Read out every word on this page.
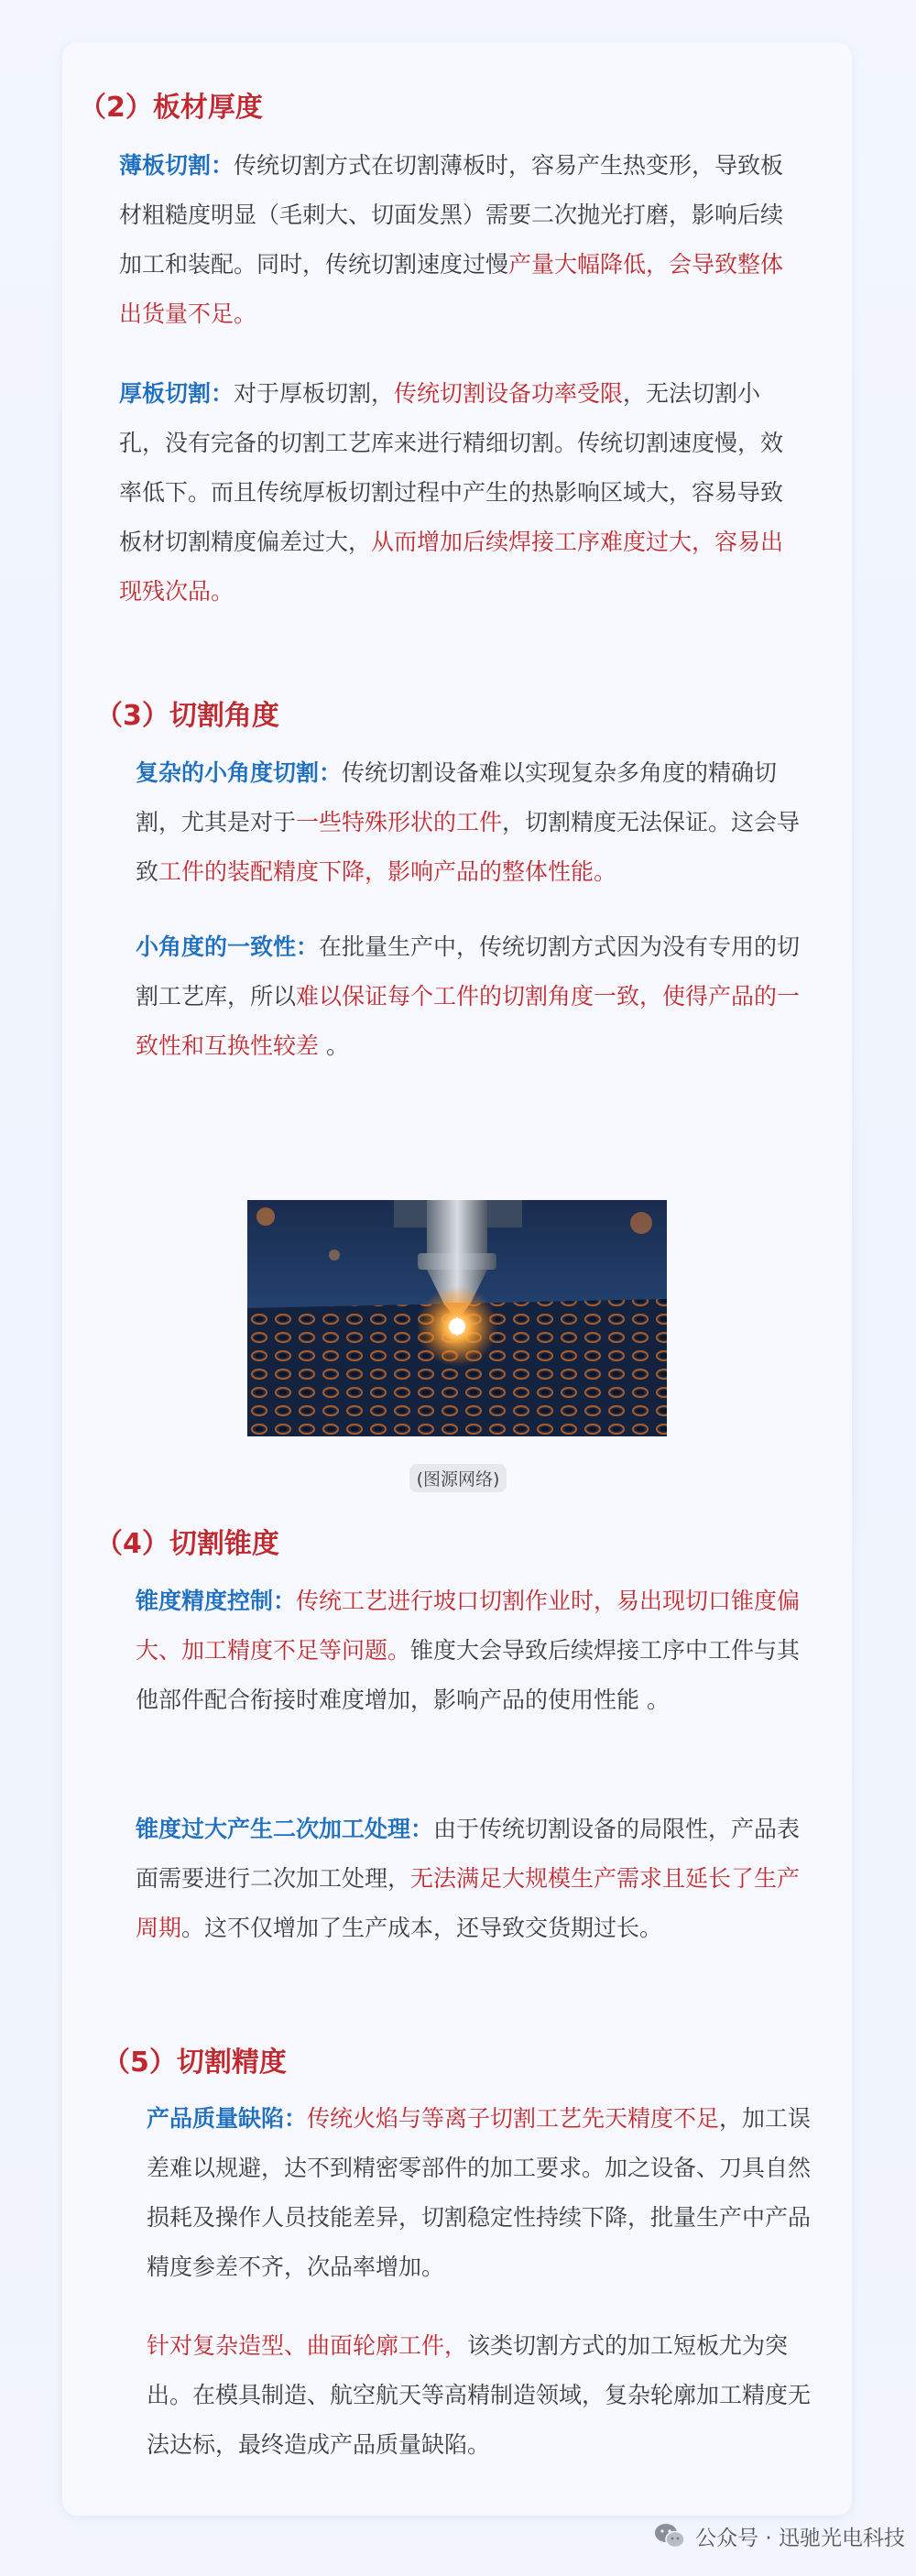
（2）板材厚度

薄板切割：传统切割方式在切割薄板时，容易产生热变形，导致板材粗糙度明显（毛刺大、切面发黑）需要二次抛光打磨，影响后续加工和装配。同时，传统切割速度过慢产量大幅降低，会导致整体出货量不足。

厚板切割：对于厚板切割，传统切割设备功率受限，无法切割小孔，没有完备的切割工艺库来进行精细切割。传统切割速度慢，效率低下。而且传统厚板切割过程中产生的热影响区域大，容易导致板材切割精度偏差过大，从而增加后续焊接工序难度过大，容易出现残次品。

（3）切割角度

复杂的小角度切割：传统切割设备难以实现复杂多角度的精确切割，尤其是对于一些特殊形状的工件，切割精度无法保证。这会导致工件的装配精度下降，影响产品的整体性能。

小角度的一致性：在批量生产中，传统切割方式因为没有专用的切割工艺库，所以难以保证每个工件的切割角度一致，使得产品的一致性和互换性较差 。

(图源网络)
（4）切割锥度

锥度精度控制：传统工艺进行坡口切割作业时，易出现切口锥度偏大、加工精度不足等问题。锥度大会导致后续焊接工序中工件与其他部件配合衔接时难度增加，影响产品的使用性能 。

锥度过大产生二次加工处理：由于传统切割设备的局限性，产品表面需要进行二次加工处理，无法满足大规模生产需求且延长了生产周期。这不仅增加了生产成本，还导致交货期过长。

（5）切割精度

产品质量缺陷：传统火焰与等离子切割工艺先天精度不足，加工误差难以规避，达不到精密零部件的加工要求。加之设备、刀具自然损耗及操作人员技能差异，切割稳定性持续下降，批量生产中产品精度参差不齐，次品率增加。

针对复杂造型、曲面轮廓工件，该类切割方式的加工短板尤为突出。在模具制造、航空航天等高精制造领域，复杂轮廓加工精度无法达标，最终造成产品质量缺陷。

公众号 · 迅驰光电科技
